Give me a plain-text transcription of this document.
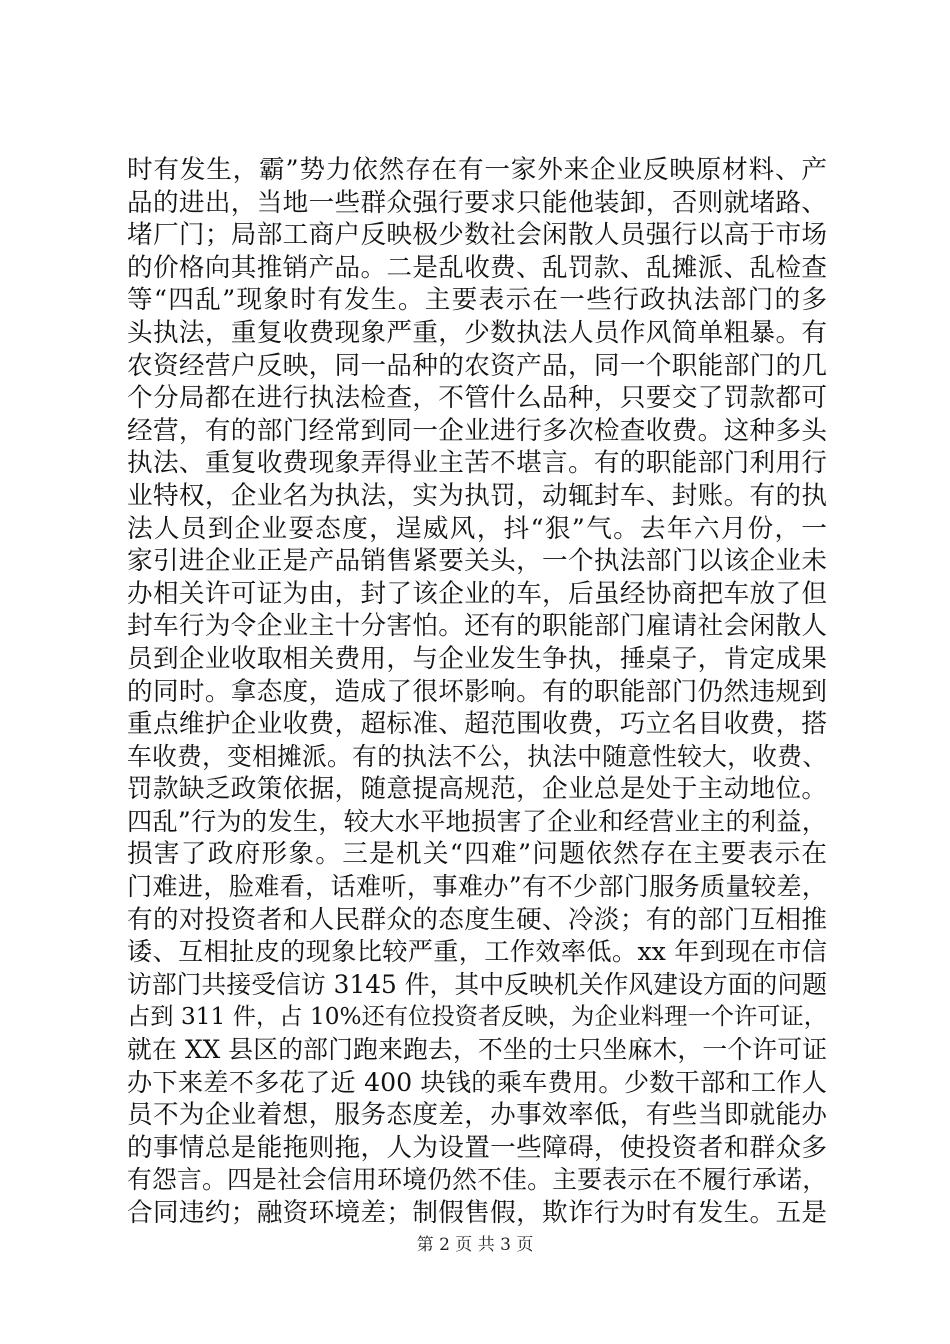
时有发生，霸”势力依然存在有一家外来企业反映原材料、产
品的进出，当地一些群众强行要求只能他装卸，否则就堵路、
堵厂门；局部工商户反映极少数社会闲散人员强行以高于市场
的价格向其推销产品。二是乱收费、乱罚款、乱摊派、乱检查
等“四乱”现象时有发生。主要表示在一些行政执法部门的多
头执法，重复收费现象严重，少数执法人员作风简单粗暴。有
农资经营户反映，同一品种的农资产品，同一个职能部门的几
个分局都在进行执法检查，不管什么品种，只要交了罚款都可
经营，有的部门经常到同一企业进行多次检查收费。这种多头
执法、重复收费现象弄得业主苦不堪言。有的职能部门利用行
业特权，企业名为执法，实为执罚，动辄封车、封账。有的执
法人员到企业耍态度，逞威风，抖“狠”气。去年六月份，一
家引进企业正是产品销售紧要关头，一个执法部门以该企业未
办相关许可证为由，封了该企业的车，后虽经协商把车放了但
封车行为令企业主十分害怕。还有的职能部门雇请社会闲散人
员到企业收取相关费用，与企业发生争执，捶桌子，肯定成果
的同时。拿态度，造成了很坏影响。有的职能部门仍然违规到
重点维护企业收费，超标准、超范围收费，巧立名目收费，搭
车收费，变相摊派。有的执法不公，执法中随意性较大，收费、
罚款缺乏政策依据，随意提高规范，企业总是处于主动地位。
四乱”行为的发生，较大水平地损害了企业和经营业主的利益，
损害了政府形象。三是机关“四难”问题依然存在主要表示在
门难进，脸难看，话难听，事难办”有不少部门服务质量较差，
有的对投资者和人民群众的态度生硬、冷淡；有的部门互相推
诿、互相扯皮的现象比较严重，工作效率低。xx 年到现在市信
访部门共接受信访 3145 件，其中反映机关作风建设方面的问题
占到 311 件，占 10%还有位投资者反映，为企业料理一个许可证，
就在 XX 县区的部门跑来跑去，不坐的士只坐麻木，一个许可证
办下来差不多花了近 400 块钱的乘车费用。少数干部和工作人
员不为企业着想，服务态度差，办事效率低，有些当即就能办
的事情总是能拖则拖，人为设置一些障碍，使投资者和群众多
有怨言。四是社会信用环境仍然不佳。主要表示在不履行承诺，
合同违约；融资环境差；制假售假，欺诈行为时有发生。五是
第 2 页 共 3 页
